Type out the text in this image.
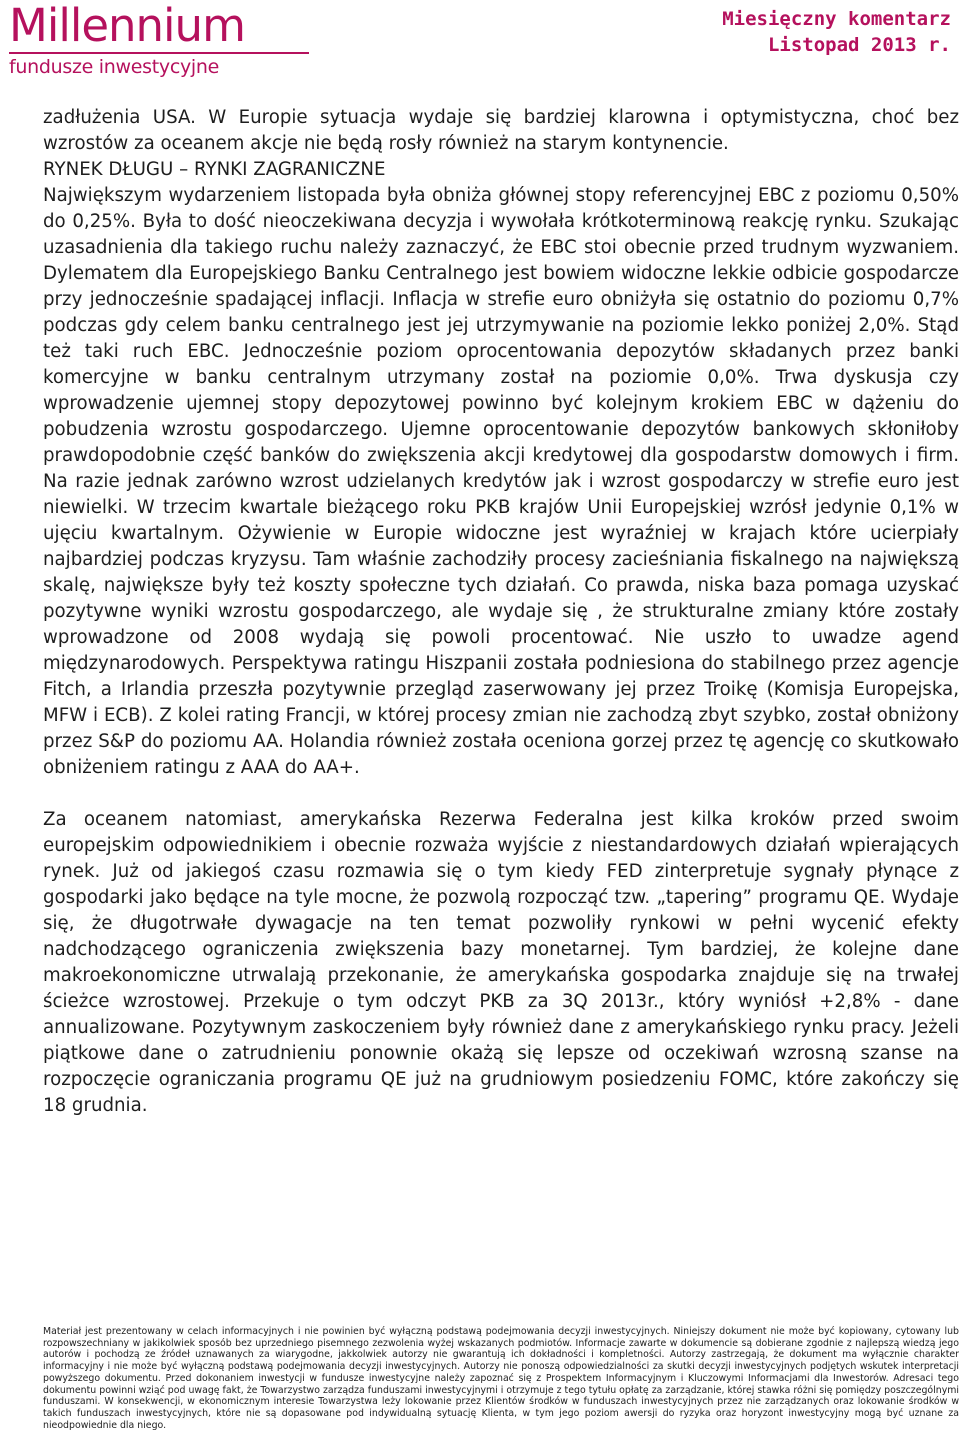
Millennium
fundusze inwestycyjne
Miesięczny komentarz
Listopad 2013 r.

zadłużenia USA. W Europie sytuacja wydaje się bardziej klarowna i optymistyczna, choć bez wzrostów za oceanem akcje nie będą rosły również na starym kontynencie.

RYNEK DŁUGU – RYNKI ZAGRANICZNE

Największym wydarzeniem listopada była obniża głównej stopy referencyjnej EBC z poziomu 0,50% do 0,25%. Była to dość nieoczekiwana decyzja i wywołała krótkoterminową reakcję rynku. Szukając uzasadnienia dla takiego ruchu należy zaznaczyć, że EBC stoi obecnie przed trudnym wyzwaniem. Dylematem dla Europejskiego Banku Centralnego jest bowiem widoczne lekkie odbicie gospodarcze przy jednocześnie spadającej inflacji. Inflacja w strefie euro obniżyła się ostatnio do poziomu 0,7% podczas gdy celem banku centralnego jest jej utrzymywanie na poziomie lekko poniżej 2,0%. Stąd też taki ruch EBC. Jednocześnie poziom oprocentowania depozytów składanych przez banki komercyjne w banku centralnym utrzymany został na poziomie 0,0%. Trwa dyskusja czy wprowadzenie ujemnej stopy depozytowej powinno być kolejnym krokiem EBC w dążeniu do pobudzenia wzrostu gospodarczego. Ujemne oprocentowanie depozytów bankowych skłoniłoby prawdopodobnie część banków do zwiększenia akcji kredytowej dla gospodarstw domowych i firm. Na razie jednak zarówno wzrost udzielanych kredytów jak i wzrost gospodarczy w strefie euro jest niewielki. W trzecim kwartale bieżącego roku PKB krajów Unii Europejskiej wzrósł jedynie 0,1% w ujęciu kwartalnym. Ożywienie w Europie widoczne jest wyraźniej w krajach które ucierpiały najbardziej podczas kryzysu. Tam właśnie zachodziły procesy zacieśniania fiskalnego na największą skalę, największe były też koszty społeczne tych działań. Co prawda, niska baza pomaga uzyskać pozytywne wyniki wzrostu gospodarczego, ale wydaje się , że strukturalne zmiany które zostały wprowadzone od 2008 wydają się powoli procentować. Nie uszło to uwadze agend międzynarodowych. Perspektywa ratingu Hiszpanii została podniesiona do stabilnego przez agencje Fitch, a Irlandia przeszła pozytywnie przegląd zaserwowany jej przez Troikę (Komisja Europejska, MFW i ECB). Z kolei rating Francji, w której procesy zmian nie zachodzą zbyt szybko, został obniżony przez S&P do poziomu AA. Holandia również została oceniona gorzej przez tę agencję co skutkowało obniżeniem ratingu z AAA do AA+.

Za oceanem natomiast, amerykańska Rezerwa Federalna jest kilka kroków przed swoim europejskim odpowiednikiem i obecnie rozważa wyjście z niestandardowych działań wpierających rynek. Już od jakiegoś czasu rozmawia się o tym kiedy FED zinterpretuje sygnały płynące z gospodarki jako będące na tyle mocne, że pozwolą rozpocząć tzw. „tapering” programu QE. Wydaje się, że długotrwałe dywagacje na ten temat pozwoliły rynkowi w pełni wycenić efekty nadchodzącego ograniczenia zwiększenia bazy monetarnej. Tym bardziej, że kolejne dane makroekonomiczne utrwalają przekonanie, że amerykańska gospodarka znajduje się na trwałej ścieżce wzrostowej. Przekuje o tym odczyt PKB za 3Q 2013r., który wyniósł +2,8% - dane annualizowane. Pozytywnym zaskoczeniem były również dane z amerykańskiego rynku pracy. Jeżeli piątkowe dane o zatrudnieniu ponownie okażą się lepsze od oczekiwań wzrosną szanse na rozpoczęcie ograniczania programu QE już na grudniowym posiedzeniu FOMC, które zakończy się 18 grudnia.

Materiał jest prezentowany w celach informacyjnych i nie powinien być wyłączną podstawą podejmowania decyzji inwestycyjnych. Niniejszy dokument nie może być kopiowany, cytowany lub rozpowszechniany w jakikolwiek sposób bez uprzedniego pisemnego zezwolenia wyżej wskazanych podmiotów. Informacje zawarte w dokumencie są dobierane zgodnie z najlepszą wiedzą jego autorów i pochodzą ze źródeł uznawanych za wiarygodne, jakkolwiek autorzy nie gwarantują ich dokładności i kompletności. Autorzy zastrzegają, że dokument ma wyłącznie charakter informacyjny i nie może być wyłączną podstawą podejmowania decyzji inwestycyjnych. Autorzy nie ponoszą odpowiedzialności za skutki decyzji inwestycyjnych podjętych wskutek interpretacji powyższego dokumentu. Przed dokonaniem inwestycji w fundusze inwestycyjne należy zapoznać się z Prospektem Informacyjnym i Kluczowymi Informacjami dla Inwestorów. Adresaci tego dokumentu powinni wziąć pod uwagę fakt, że Towarzystwo zarządza funduszami inwestycyjnymi i otrzymuje z tego tytułu opłatę za zarządzanie, której stawka różni się pomiędzy poszczególnymi funduszami. W konsekwencji, w ekonomicznym interesie Towarzystwa leży lokowanie przez Klientów środków w funduszach inwestycyjnych przez nie zarządzanych oraz lokowanie środków w takich funduszach inwestycyjnych, które nie są dopasowane pod indywidualną sytuację Klienta, w tym jego poziom awersji do ryzyka oraz horyzont inwestycyjny mogą być uznane za nieodpowiednie dla niego.
